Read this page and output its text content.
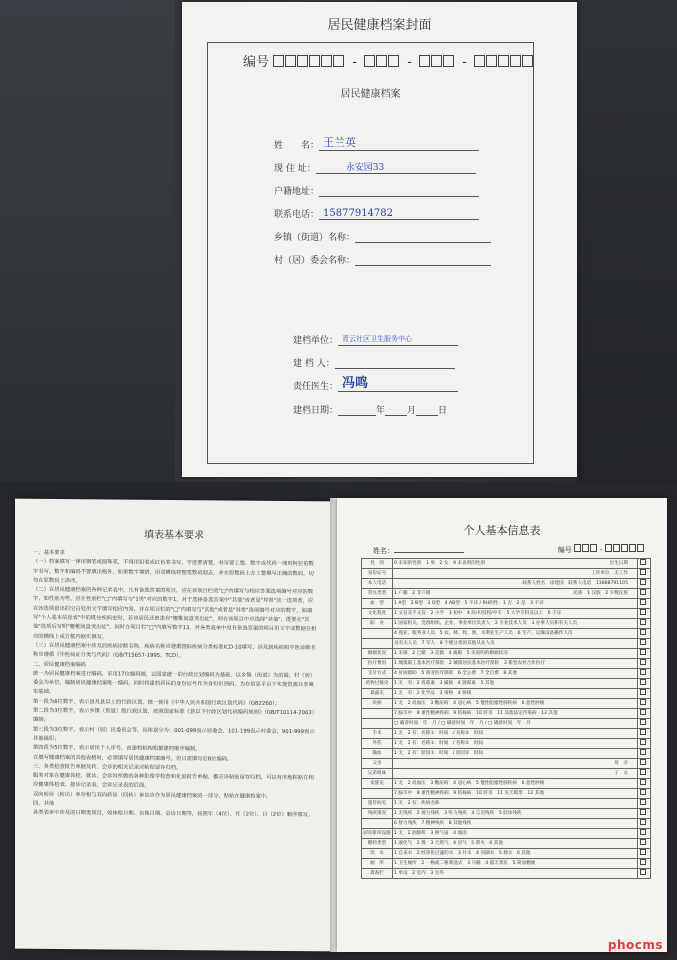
居民健康档案封面
编号	-	-	-
居民健康档案
姓　　名： 王兰英
现 住 址：	永安园33
户籍地址：
联系电话： 15877914782
乡镇（街道）名称：
村（居）委会名称：
建档单位： 青云社区卫生服务中心
建 档 人：
责任医生： 冯鸣
建档日期：	年 月 日
填表基本要求

一、基本要求

（一）档案填写一律用钢笔或圆珠笔，不得用铅笔或红色笔书写。字迹要清楚，书写要工整。数字或代码一律用阿拉伯数字书写。数字和编码不要填出格外，如果数字填错，用双横线将整笔数码划去，并在原数码上方工整填写正确的数码，切勿在原数码上涂改。

（二）在居民健康档案的各种记录表中，凡有备选答案的项目，应在该项目栏的"□"内填写与相应答案选项编号对应的数字，如性别为男，应在性别栏"□"内填写与"1男"对应的数字1。对于选择备选答案中"其他"或者是"异常"这一选项者，应在该选项留出的空白处用文字填写相应内容，并在项目栏的"□"内填写与"其他"或者是"异常"选项编号对应的数字，如填写"个人基本信息表"中的既往疾病史时，若该居民还曾患有"腰椎间盘突出症"，则在该项目中应选择"其他"，既要在"其他"选项后写明"腰椎间盘突出症"，同时在项目栏"□"内填写数字13。对各类表单中没有备选答案的项目用文字或数据在相应的横线上或方框内据实填写。

（三）在居民健康档案中涉及的疾病诊断名称，疾病名称应遵循国际疾病分类标准ICD-10填写，涉及到疾病和中医诊断名称应遵循《中医病证分类与代码》（GB/T15657-1995，TCD）。

二、居民健康档案编码

统一为居民健康档案进行编码，采用17位编码制，以国家统一的行政区划编码为基础，以乡镇（街道）为范围，村（居）委会为单位，编制居民健康档案唯一编码。同时将建档居民的身份证号作为身份识别码，为在信息平台下实现资源共享奠定基础。

第一段为6位数字，表示县及县以上的行政区划，统一使用《中华人民共和国行政区划代码》（GB2260）；

第二段为3位数字，表示乡镇（街道）级行政区划，按照国家标准《县以下行政区划代码编码规则》（GB/T10114-2003）编制；

第三段为3位数字，表示村（居）民委员会等，具体划分为：001-099表示居委会，101-199表示村委会，901-999表示其他组织；

第四段为5位数字，表示居民个人序号，由建档机构根据建档顺序编制。

在填写健康档案的其他表格时，必须填写居民健康档案编号，但只需填写后8位编码。

三、各类检查报告单据及转、会诊的相关记录应粘贴留存归档。

服务对象在健康体检、就诊、会诊时所做的各种影像学检查和化验报告单据，都应该粘贴留存归档，可以有序地粘贴在相应健康体检表、接诊记录表、会诊记录表的后面。

双向转诊（转出）单存根与双向转诊（回转）单也应作为居民健康档案的一部分，粘贴在健康档案中。

四、其他

各类表单中涉及的日期类项目，如体检日期、访视日期、会诊日期等，按照年（4位）、月（2位）、日（2位）顺序填写。

个人基本信息表
姓名：	编号	-
性　别	0 未知的性别　1 男　2 女　9 未说明的性别 出生日期	

身份证号	工作单位　无工作	

本人电话	联系人姓名　徐建国　联系人电话　13888791105	

常住类型	1 户籍　2 非户籍 民族　1 汉族　2 少数民族	

血　型	1 A型　2 B型　3 O型　4 AB型　5 不详 / RH阴性：1 否　2 是　3 不详	
文化程度	1 文盲及半文盲　2 小学　3 初中　4 高中/技校/中专　5 大学专科及以上　6 不详	
职　业	1 国家机关、党群组织、企业、事业单位负责人　2 专业技术人员　3 办事人员和有关人员	
	4 商业、服务业人员　5 农、林、牧、渔、水利业生产人员　6 生产、运输设备操作人员	
	及有关人员　7 军人　8 不便分类的其他从业人员	
婚姻状况	1 未婚　2 已婚　3 丧偶　4 离婚　5 未说明的婚姻状况	
医疗费用	1 城镇职工基本医疗保险　2 城镇居民基本医疗保险　3 新型农村合作医疗	
支付方式	4 贫困救助　5 商业医疗保险　6 全公费　7 全自费　8 其他	
药物过敏史	1 无　有：2 青霉素　3 磺胺　4 链霉素　5 其他	
暴露史	1 无　有：2 化学品　3 毒物　4 射线	
疾病	1 无　2 高血压　3 糖尿病　4 冠心病　5 慢性阻塞性肺疾病　6 恶性肿瘤	
	7 脑卒中　8 重性精神疾病　9 结核病　10 肝炎　11 其他法定传染病　12 其他	
	□ 确诊时间　年　月 / □ 确诊时间　年　月 / □ 确诊时间　年　月	
手术	1 无　2 有：名称①　时间　/ 名称②　时间	
外伤	1 无　2 有：名称①　时间　/ 名称②　时间	
输血	1 无　2 有：原因①　时间　/ 原因②　时间	
父亲	母　亲	

兄弟姐妹	子　女	

家族史	1 无　2 高血压　3 糖尿病　4 冠心病　5 慢性阻塞性肺疾病　6 恶性肿瘤	
	7 脑卒中　8 重性精神疾病　9 结核病　10 肝炎　11 先天畸形　12 其他	
遗传病史	1 无　2 有：疾病名称	
残疾情况	1 无残疾　2 视力残疾　3 听力残疾　4 言语残疾　5 肢体残疾	
	6 智力残疾　7 精神残疾　8 其他残疾	
厨房排风设施	1 无　2 油烟机　3 换气扇　4 烟囱	
燃料类型	1 液化气　2 煤　3 天然气　4 沼气　5 柴火　6 其他	
饮　水	1 自来水　2 经净化过滤的水　3 井水　4 河湖水　5 塘水　6 其他	
厕　所	1 卫生厕所　2 一格或二格粪池式　3 马桶　4 露天粪坑　5 简易棚厕	
禽畜栏	1 单设　2 室内　3 室外	
phocms
